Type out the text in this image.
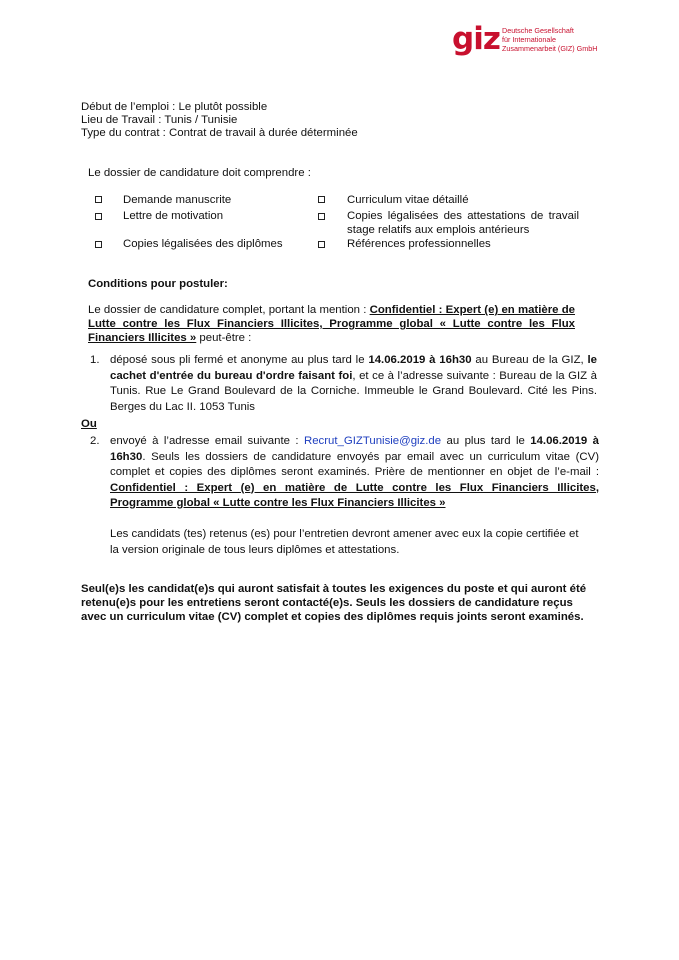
giz Deutsche Gesellschaft
für Internationale
Zusammenarbeit (GIZ) GmbH
Début de l’emploi : Le plutôt possible
Lieu de Travail : Tunis / Tunisie
Type du contrat : Contrat de travail à durée déterminée
Le dossier de candidature doit comprendre :
Demande manuscrite
Lettre de motivation
Copies légalisées des diplômes
Curriculum vitae détaillé
Copies légalisées des attestations de travail stage relatifs aux emplois antérieurs
Références professionnelles
Conditions pour postuler:
Le dossier de candidature complet, portant la mention : Confidentiel : Expert (e) en matière de Lutte contre les Flux Financiers Illicites, Programme global « Lutte contre les Flux Financiers Illicites » peut-être :
1. déposé sous pli fermé et anonyme au plus tard le 14.06.2019 à 16h30 au Bureau de la GIZ, le cachet d'entrée du bureau d'ordre faisant foi, et ce à l’adresse suivante : Bureau de la GIZ à Tunis. Rue Le Grand Boulevard de la Corniche. Immeuble le Grand Boulevard. Cité les Pins. Berges du Lac II. 1053 Tunis
Ou
2. envoyé à l’adresse email suivante : Recrut_GIZTunisie@giz.de au plus tard le 14.06.2019 à 16h30. Seuls les dossiers de candidature envoyés par email avec un curriculum vitae (CV) complet et copies des diplômes seront examinés. Prière de mentionner en objet de l’e-mail : Confidentiel : Expert (e) en matière de Lutte contre les Flux Financiers Illicites, Programme global « Lutte contre les Flux Financiers Illicites »
Les candidats (tes) retenus (es) pour l’entretien devront amener avec eux la copie certifiée et la version originale de tous leurs diplômes et attestations.
Seul(e)s les candidat(e)s qui auront satisfait à toutes les exigences du poste et qui auront été retenu(e)s pour les entretiens seront contacté(e)s. Seuls les dossiers de candidature reçus avec un curriculum vitae (CV) complet et copies des diplômes requis joints seront examinés.
